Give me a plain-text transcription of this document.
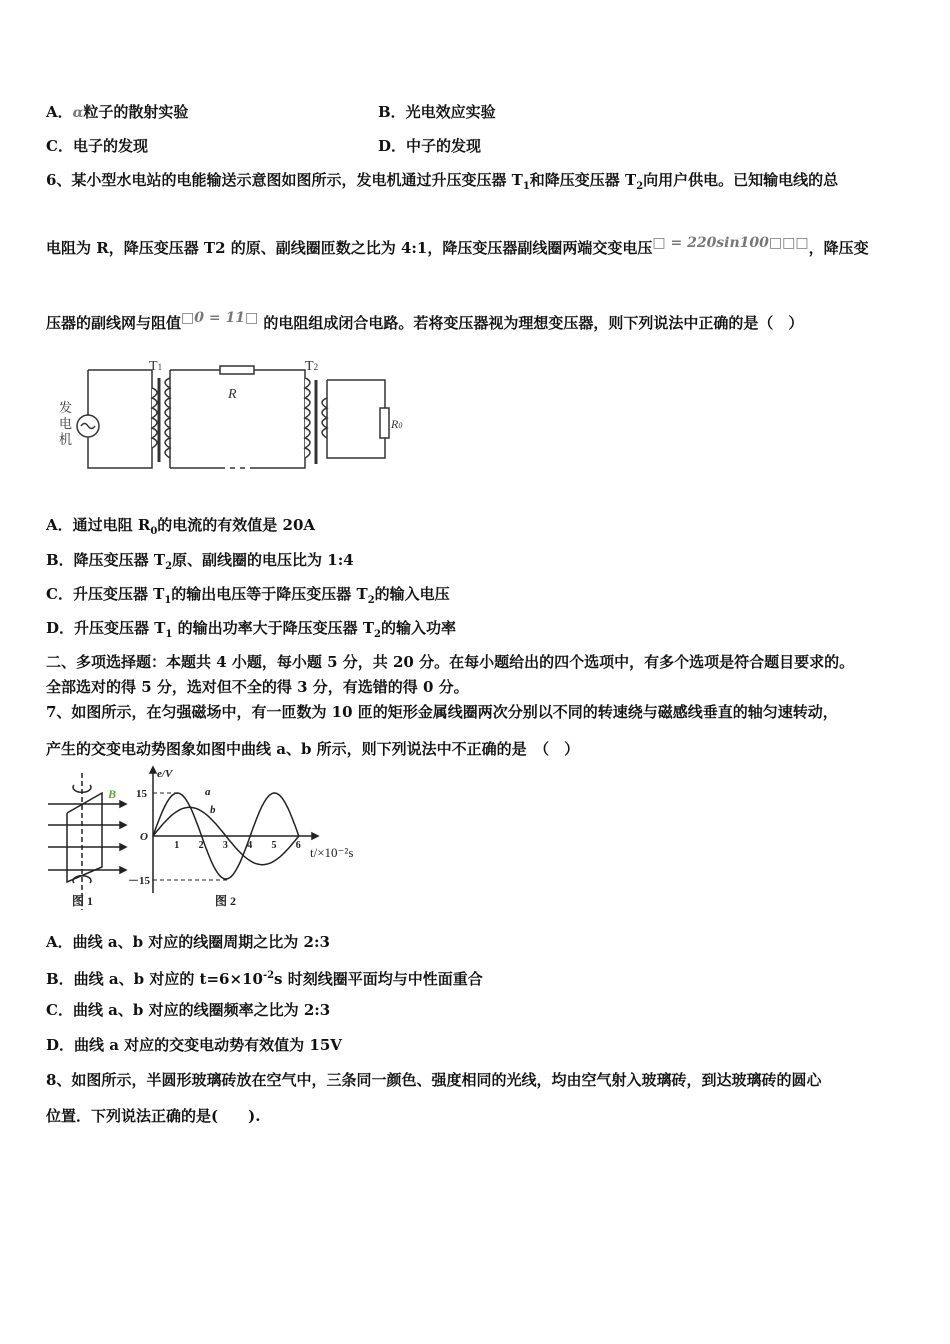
A．α粒子的散射实验	B．光电效应实验
C．电子的发现	D．中子的发现
6、某小型水电站的电能输送示意图如图所示，发电机通过升压变压器 $T_1$和降压变压器 $T_2$向用户供电。已知输电线的总
电阻为 R，降压变压器 T2 的原、副线圈匝数之比为 4:1，降压变压器副线圈两端交变电压$^{□ = 220sin100□□□}$，降压变
压器的副线网与阻值$^{□0 = 11□}$ 的电阻组成闭合电路。若将变压器视为理想变压器，则下列说法中正确的是（　）
发
电
机
T1	T2
R
R0
A．通过电阻 $R_0$的电流的有效值是 20A
B．降压变压器 $T_2$原、副线圈的电压比为 1:4
C．升压变压器 $T_1$的输出电压等于降压变压器 $T_2$的输入电压
D．升压变压器 $T_1$ 的输出功率大于降压变压器 $T_2$的输入功率
二、多项选择题：本题共 4 小题，每小题 5 分，共 20 分。在每小题给出的四个选项中，有多个选项是符合题目要求的。
全部选对的得 5 分，选对但不全的得 3 分，有选错的得 0 分。
7、如图所示，在匀强磁场中，有一匝数为 10 匝的矩形金属线圈两次分别以不同的转速绕与磁感线垂直的轴匀速转动，
产生的交变电动势图象如图中曲线 a、b 所示，则下列说法中不正确的是　（　）
B
图 1	图 2
e/V
15
－15
O
a
b
1 2 3 4 5 6 t/×10⁻²s
A．曲线 a、b 对应的线圈周期之比为 2:3
B．曲线 a、b 对应的 $t=6\times 10^{-2}s$ 时刻线圈平面均与中性面重合
C．曲线 a、b 对应的线圈频率之比为 2:3
D．曲线 a 对应的交变电动势有效值为 15V
8、如图所示，半圆形玻璃砖放在空气中，三条同一颜色、强度相同的光线，均由空气射入玻璃砖，到达玻璃砖的圆心
位置．下列说法正确的是(　　).
